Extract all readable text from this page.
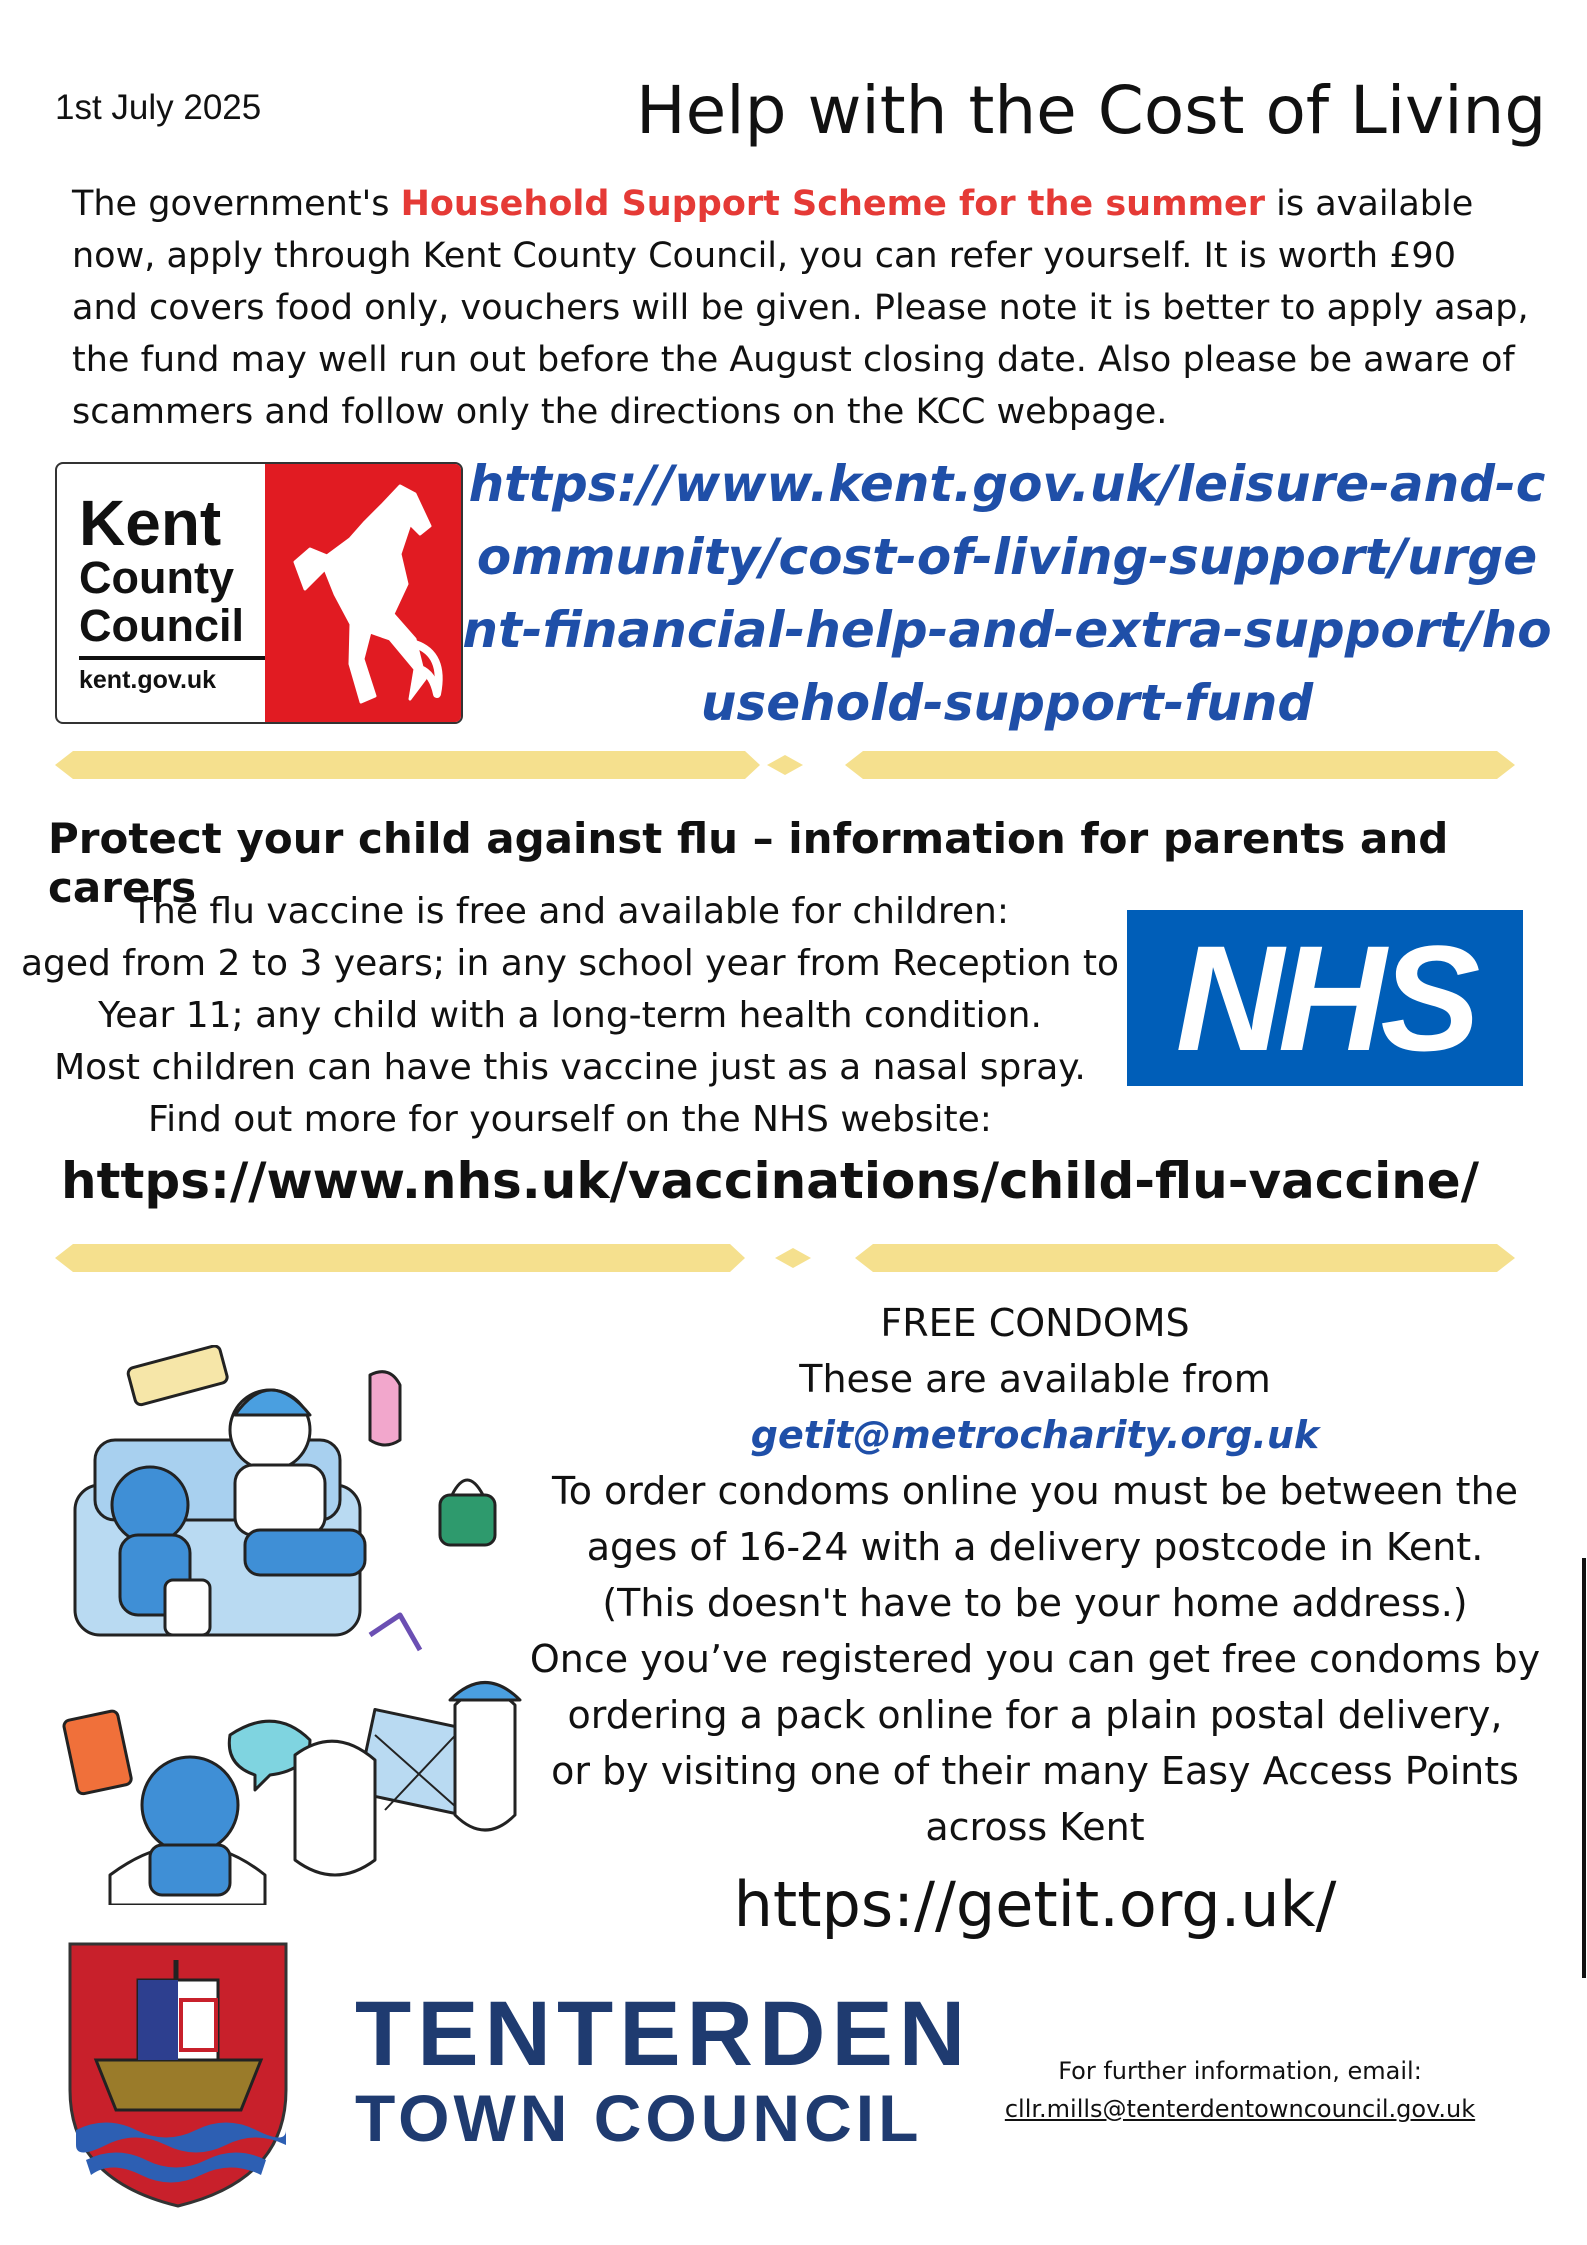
1st July 2025	Help with the Cost of Living

The government's Household Support Scheme for the summer is available now, apply through Kent County Council, you can refer yourself. It is worth £90 and covers food only, vouchers will be given. Please note it is better to apply asap, the fund may well run out before the August closing date. Also please be aware of scammers and follow only the directions on the KCC webpage.

Kent
County
Council
kent.gov.uk
https://www.kent.gov.uk/leisure-and-community/cost-of-living-support/urgent-financial-help-and-extra-support/household-support-fund
Protect your child against flu – information for parents and carers
The flu vaccine is free and available for children:
aged from 2 to 3 years; in any school year from Reception to
Year 11; any child with a long-term health condition.
Most children can have this vaccine just as a nasal spray.
Find out more for yourself on the NHS website:
NHS
https://www.nhs.uk/vaccinations/child-flu-vaccine/
FREE CONDOMS
These are available from
getit@metrocharity.org.uk
To order condoms online you must be between the
ages of 16-24 with a delivery postcode in Kent.
(This doesn't have to be your home address.)
Once you’ve registered you can get free condoms by
ordering a pack online for a plain postal delivery,
or by visiting one of their many Easy Access Points
across Kent
https://getit.org.uk/
TENTERDEN
TOWN COUNCIL
For further information, email:
cllr.mills@tenterdentowncouncil.gov.uk
